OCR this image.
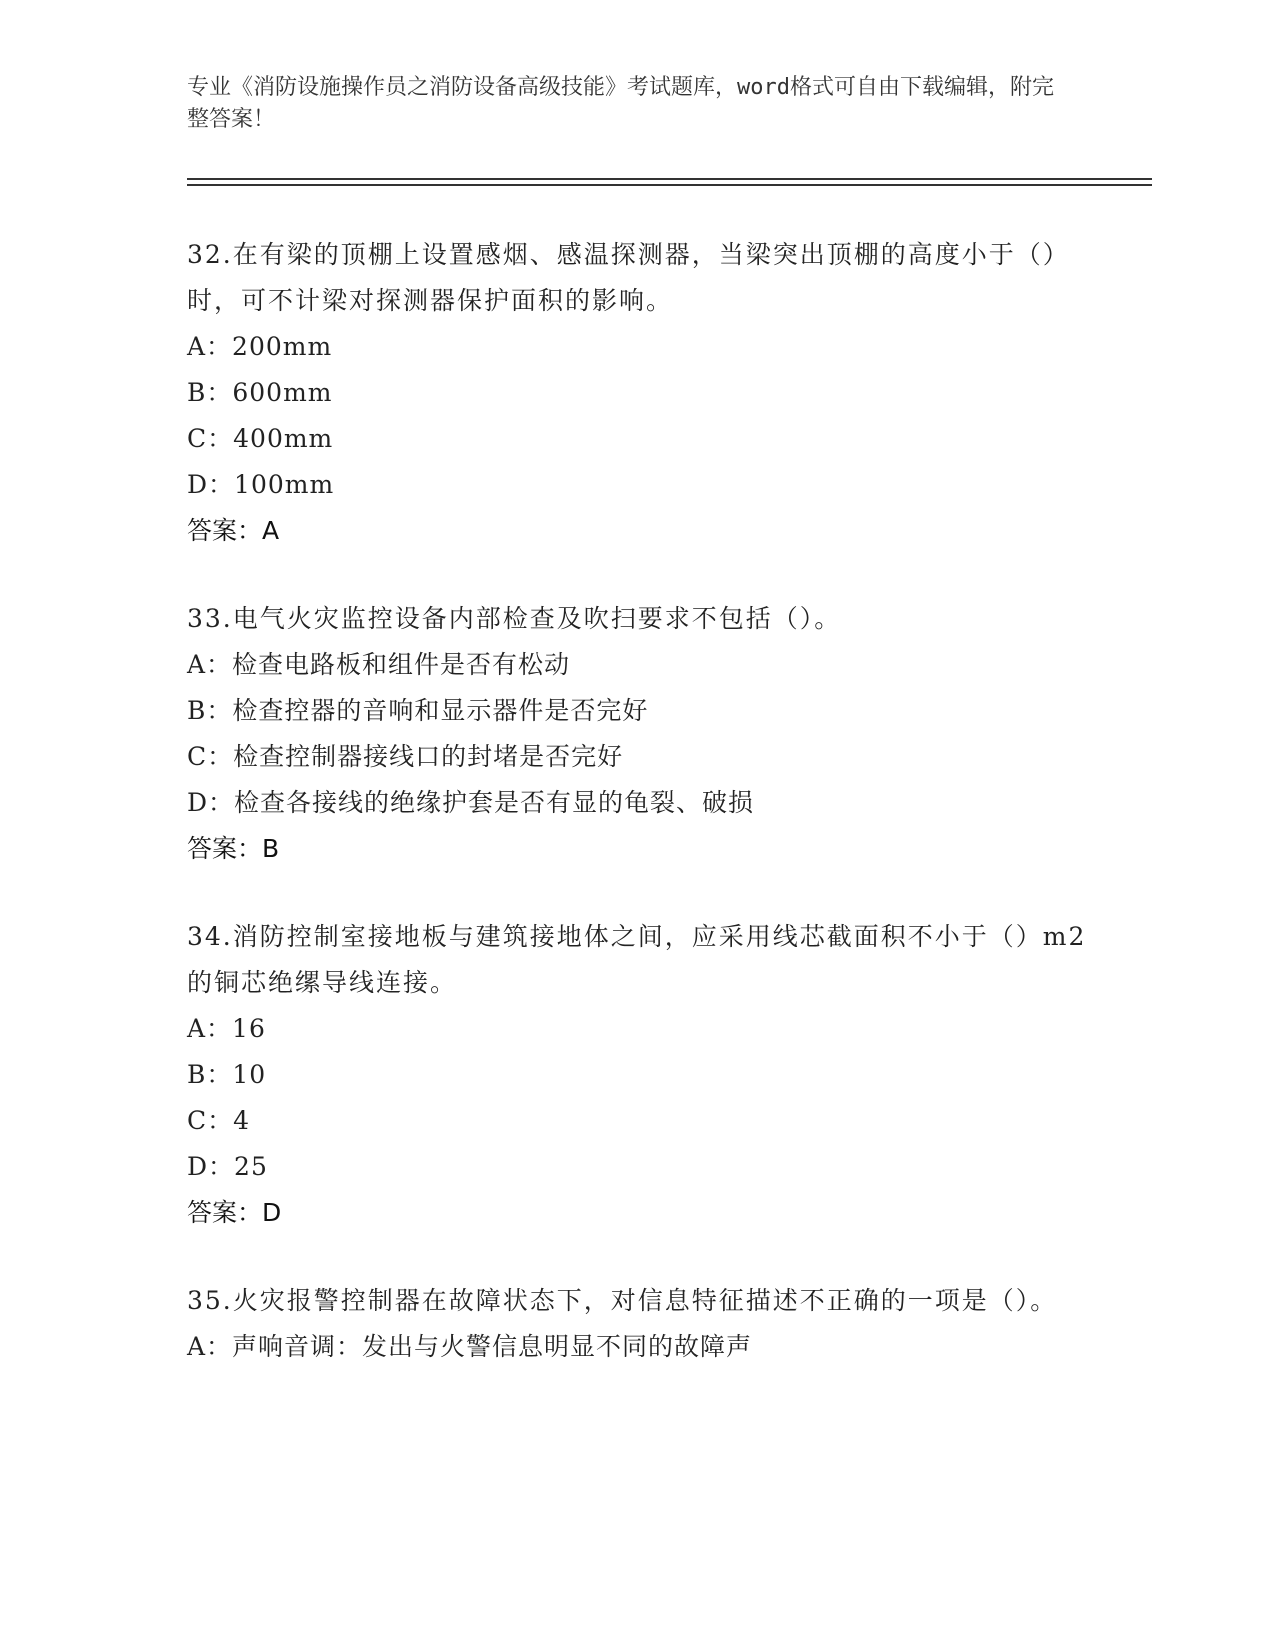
专业《消防设施操作员之消防设备高级技能》考试题库，word格式可自由下载编辑，附完整答案！
32.在有梁的顶棚上设置感烟、感温探测器，当梁突出顶棚的高度小于（）时，可不计梁对探测器保护面积的影响。
A：200mm
B：600mm
C：400mm
D：100mm
答案：A
33.电气火灾监控设备内部检查及吹扫要求不包括（）。
A：检查电路板和组件是否有松动
B：检查控器的音响和显示器件是否完好
C：检查控制器接线口的封堵是否完好
D：检查各接线的绝缘护套是否有显的龟裂、破损
答案：B
34.消防控制室接地板与建筑接地体之间，应采用线芯截面积不小于（）m2的铜芯绝缧导线连接。
A：16
B：10
C：4
D：25
答案：D
35.火灾报警控制器在故障状态下，对信息特征描述不正确的一项是（）。
A：声响音调：发出与火警信息明显不同的故障声
